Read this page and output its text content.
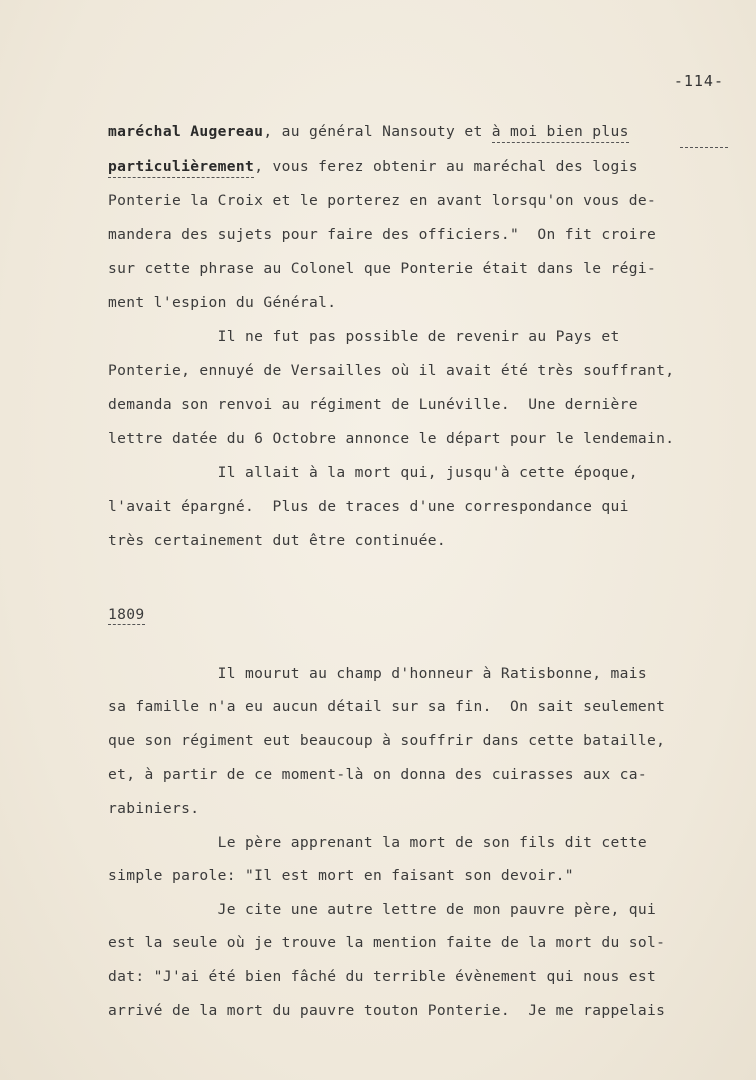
-114-
maréchal Augereau, au général Nansouty et à moi bien plus
particulièrement, vous ferez obtenir au maréchal des logis
Ponterie la Croix et le porterez en avant lorsqu'on vous de-
mandera des sujets pour faire des officiers."  On fit croire
sur cette phrase au Colonel que Ponterie était dans le régi-
ment l'espion du Général.
Il ne fut pas possible de revenir au Pays et
Ponterie, ennuyé de Versailles où il avait été très souffrant,
demanda son renvoi au régiment de Lunéville.  Une dernière
lettre datée du 6 Octobre annonce le départ pour le lendemain.
Il allait à la mort qui, jusqu'à cette époque,
l'avait épargné.  Plus de traces d'une correspondance qui
très certainement dut être continuée.
1809
Il mourut au champ d'honneur à Ratisbonne, mais
sa famille n'a eu aucun détail sur sa fin.  On sait seulement
que son régiment eut beaucoup à souffrir dans cette bataille,
et, à partir de ce moment-là on donna des cuirasses aux ca-
rabiniers.
Le père apprenant la mort de son fils dit cette
simple parole: "Il est mort en faisant son devoir."
Je cite une autre lettre de mon pauvre père, qui
est la seule où je trouve la mention faite de la mort du sol-
dat: "J'ai été bien fâché du terrible évènement qui nous est
arrivé de la mort du pauvre touton Ponterie.  Je me rappelais
